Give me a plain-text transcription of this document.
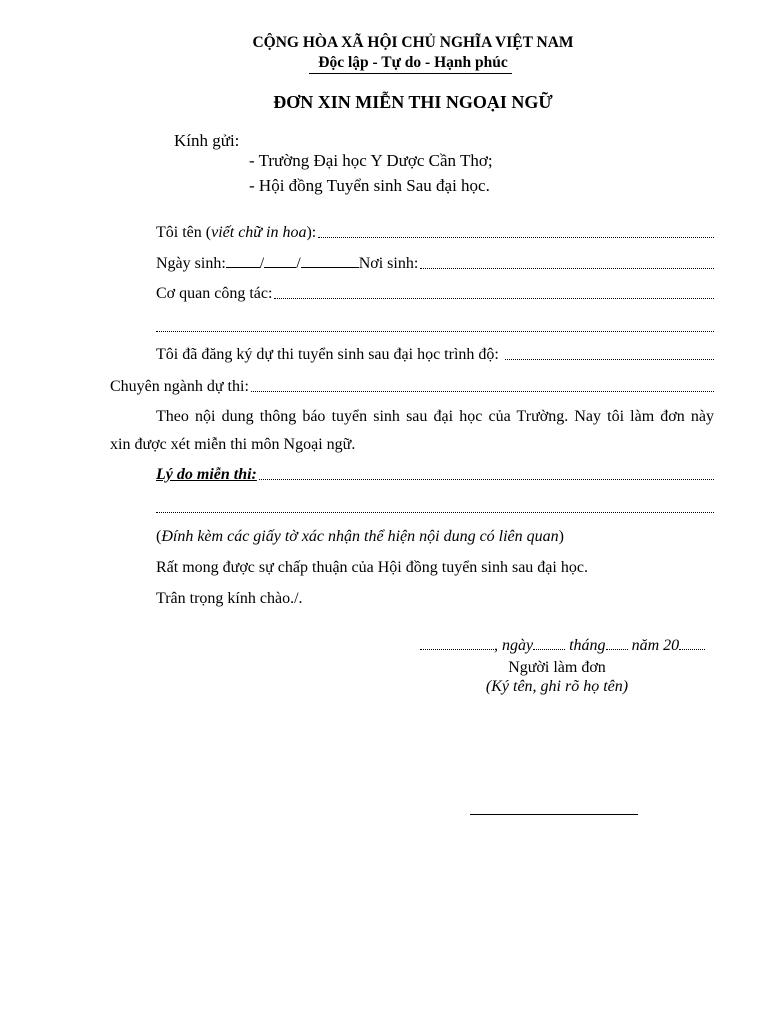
CỘNG HÒA XÃ HỘI CHỦ NGHĨA VIỆT NAM
Độc lập - Tự do - Hạnh phúc
ĐƠN XIN MIỄN THI NGOẠI NGỮ
Kính gửi:
- Trường Đại học Y Dược Cần Thơ;
- Hội đồng Tuyển sinh Sau đại học.
Tôi tên ( viết chữ in hoa ):
Ngày sinh: / /	Nơi sinh:
Cơ quan công tác:
Tôi đã đăng ký dự thi tuyển sinh sau đại học trình độ:
Chuyên ngành dự thi:
Theo nội dung thông báo tuyển sinh sau đại học của Trường. Nay tôi làm đơn này
xin được xét miễn thi môn Ngoại ngữ.
Lý do miễn thi:
(Đính kèm các giấy tờ xác nhận thể hiện nội dung có liên quan)
Rất mong được sự chấp thuận của Hội đồng tuyển sinh sau đại học.
Trân trọng kính chào./.
, ngày tháng năm 20
Người làm đơn
(Ký tên, ghi rõ họ tên)
